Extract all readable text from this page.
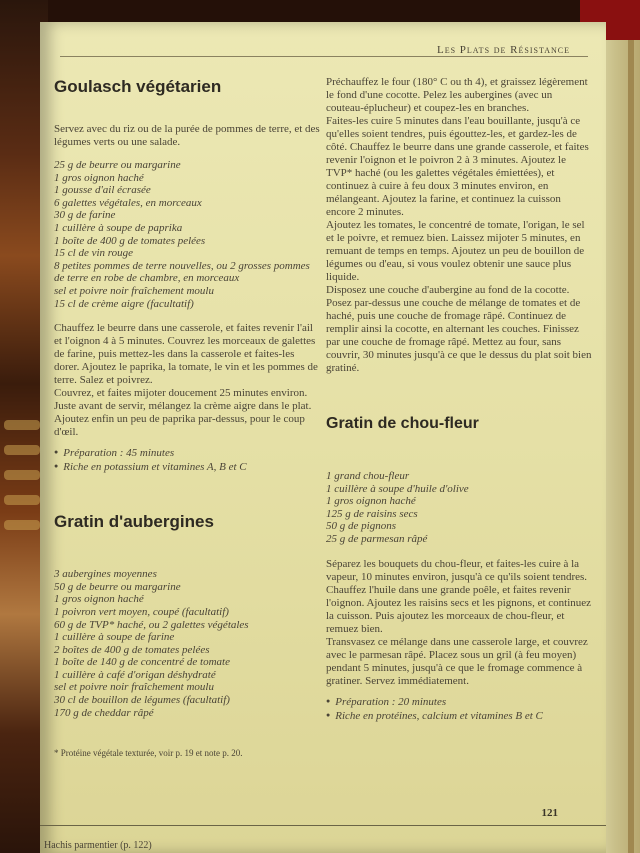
Les Plats de Résistance
Goulasch végétarien

Servez avec du riz ou de la purée de pommes de terre, et des légumes verts ou une salade.

25 g de beurre ou margarine
1 gros oignon haché
1 gousse d'ail écrasée
6 galettes végétales, en morceaux
30 g de farine
1 cuillère à soupe de paprika
1 boîte de 400 g de tomates pelées
15 cl de vin rouge
8 petites pommes de terre nouvelles, ou 2 grosses pommes de terre en robe de chambre, en morceaux
sel et poivre noir fraîchement moulu
15 cl de crème aigre (facultatif)

Chauffez le beurre dans une casserole, et faites revenir l'ail et l'oignon 4 à 5 minutes. Couvrez les morceaux de galettes de farine, puis mettez-les dans la casserole et faites-les dorer. Ajoutez le paprika, la tomate, le vin et les pommes de terre. Salez et poivrez.

Couvrez, et faites mijoter doucement 25 minutes environ.

Juste avant de servir, mélangez la crème aigre dans le plat. Ajoutez enfin un peu de paprika par-dessus, pour le coup d'œil.

● Préparation : 45 minutes
● Riche en potassium et vitamines A, B et C
Gratin d'aubergines
3 aubergines moyennes
50 g de beurre ou margarine
1 gros oignon haché
1 poivron vert moyen, coupé (facultatif)
60 g de TVP* haché, ou 2 galettes végétales
1 cuillère à soupe de farine
2 boîtes de 400 g de tomates pelées
1 boîte de 140 g de concentré de tomate
1 cuillère à café d'origan déshydraté
sel et poivre noir fraîchement moulu
30 cl de bouillon de légumes (facultatif)
170 g de cheddar râpé
* Protéine végétale texturée, voir p. 19 et note p. 20.

Préchauffez le four (180° C ou th 4), et graissez légèrement le fond d'une cocotte. Pelez les aubergines (avec un couteau-éplucheur) et coupez-les en branches.

Faites-les cuire 5 minutes dans l'eau bouillante, jusqu'à ce qu'elles soient tendres, puis égouttez-les, et gardez-les de côté. Chauffez le beurre dans une grande casserole, et faites revenir l'oignon et le poivron 2 à 3 minutes. Ajoutez le TVP* haché (ou les galettes végétales émiettées), et continuez à cuire à feu doux 3 minutes environ, en mélangeant. Ajoutez la farine, et continuez la cuisson encore 2 minutes.

Ajoutez les tomates, le concentré de tomate, l'origan, le sel et le poivre, et remuez bien. Laissez mijoter 5 minutes, en remuant de temps en temps. Ajoutez un peu de bouillon de légumes ou d'eau, si vous voulez obtenir une sauce plus liquide.

Disposez une couche d'aubergine au fond de la cocotte. Posez par-dessus une couche de mélange de tomates et de haché, puis une couche de fromage râpé. Continuez de remplir ainsi la cocotte, en alternant les couches. Finissez par une couche de fromage râpé. Mettez au four, sans couvrir, 30 minutes jusqu'à ce que le dessus du plat soit bien gratiné.

Gratin de chou-fleur
1 grand chou-fleur
1 cuillère à soupe d'huile d'olive
1 gros oignon haché
125 g de raisins secs
50 g de pignons
25 g de parmesan râpé

Séparez les bouquets du chou-fleur, et faites-les cuire à la vapeur, 10 minutes environ, jusqu'à ce qu'ils soient tendres.

Chauffez l'huile dans une grande poêle, et faites revenir l'oignon. Ajoutez les raisins secs et les pignons, et continuez la cuisson. Puis ajoutez les morceaux de chou-fleur, et remuez bien.

Transvasez ce mélange dans une casserole large, et couvrez avec le parmesan râpé. Placez sous un gril (à feu moyen) pendant 5 minutes, jusqu'à ce que le fromage commence à gratiner. Servez immédiatement.

● Préparation : 20 minutes
● Riche en protéines, calcium et vitamines B et C
121
Hachis parmentier (p. 122)
